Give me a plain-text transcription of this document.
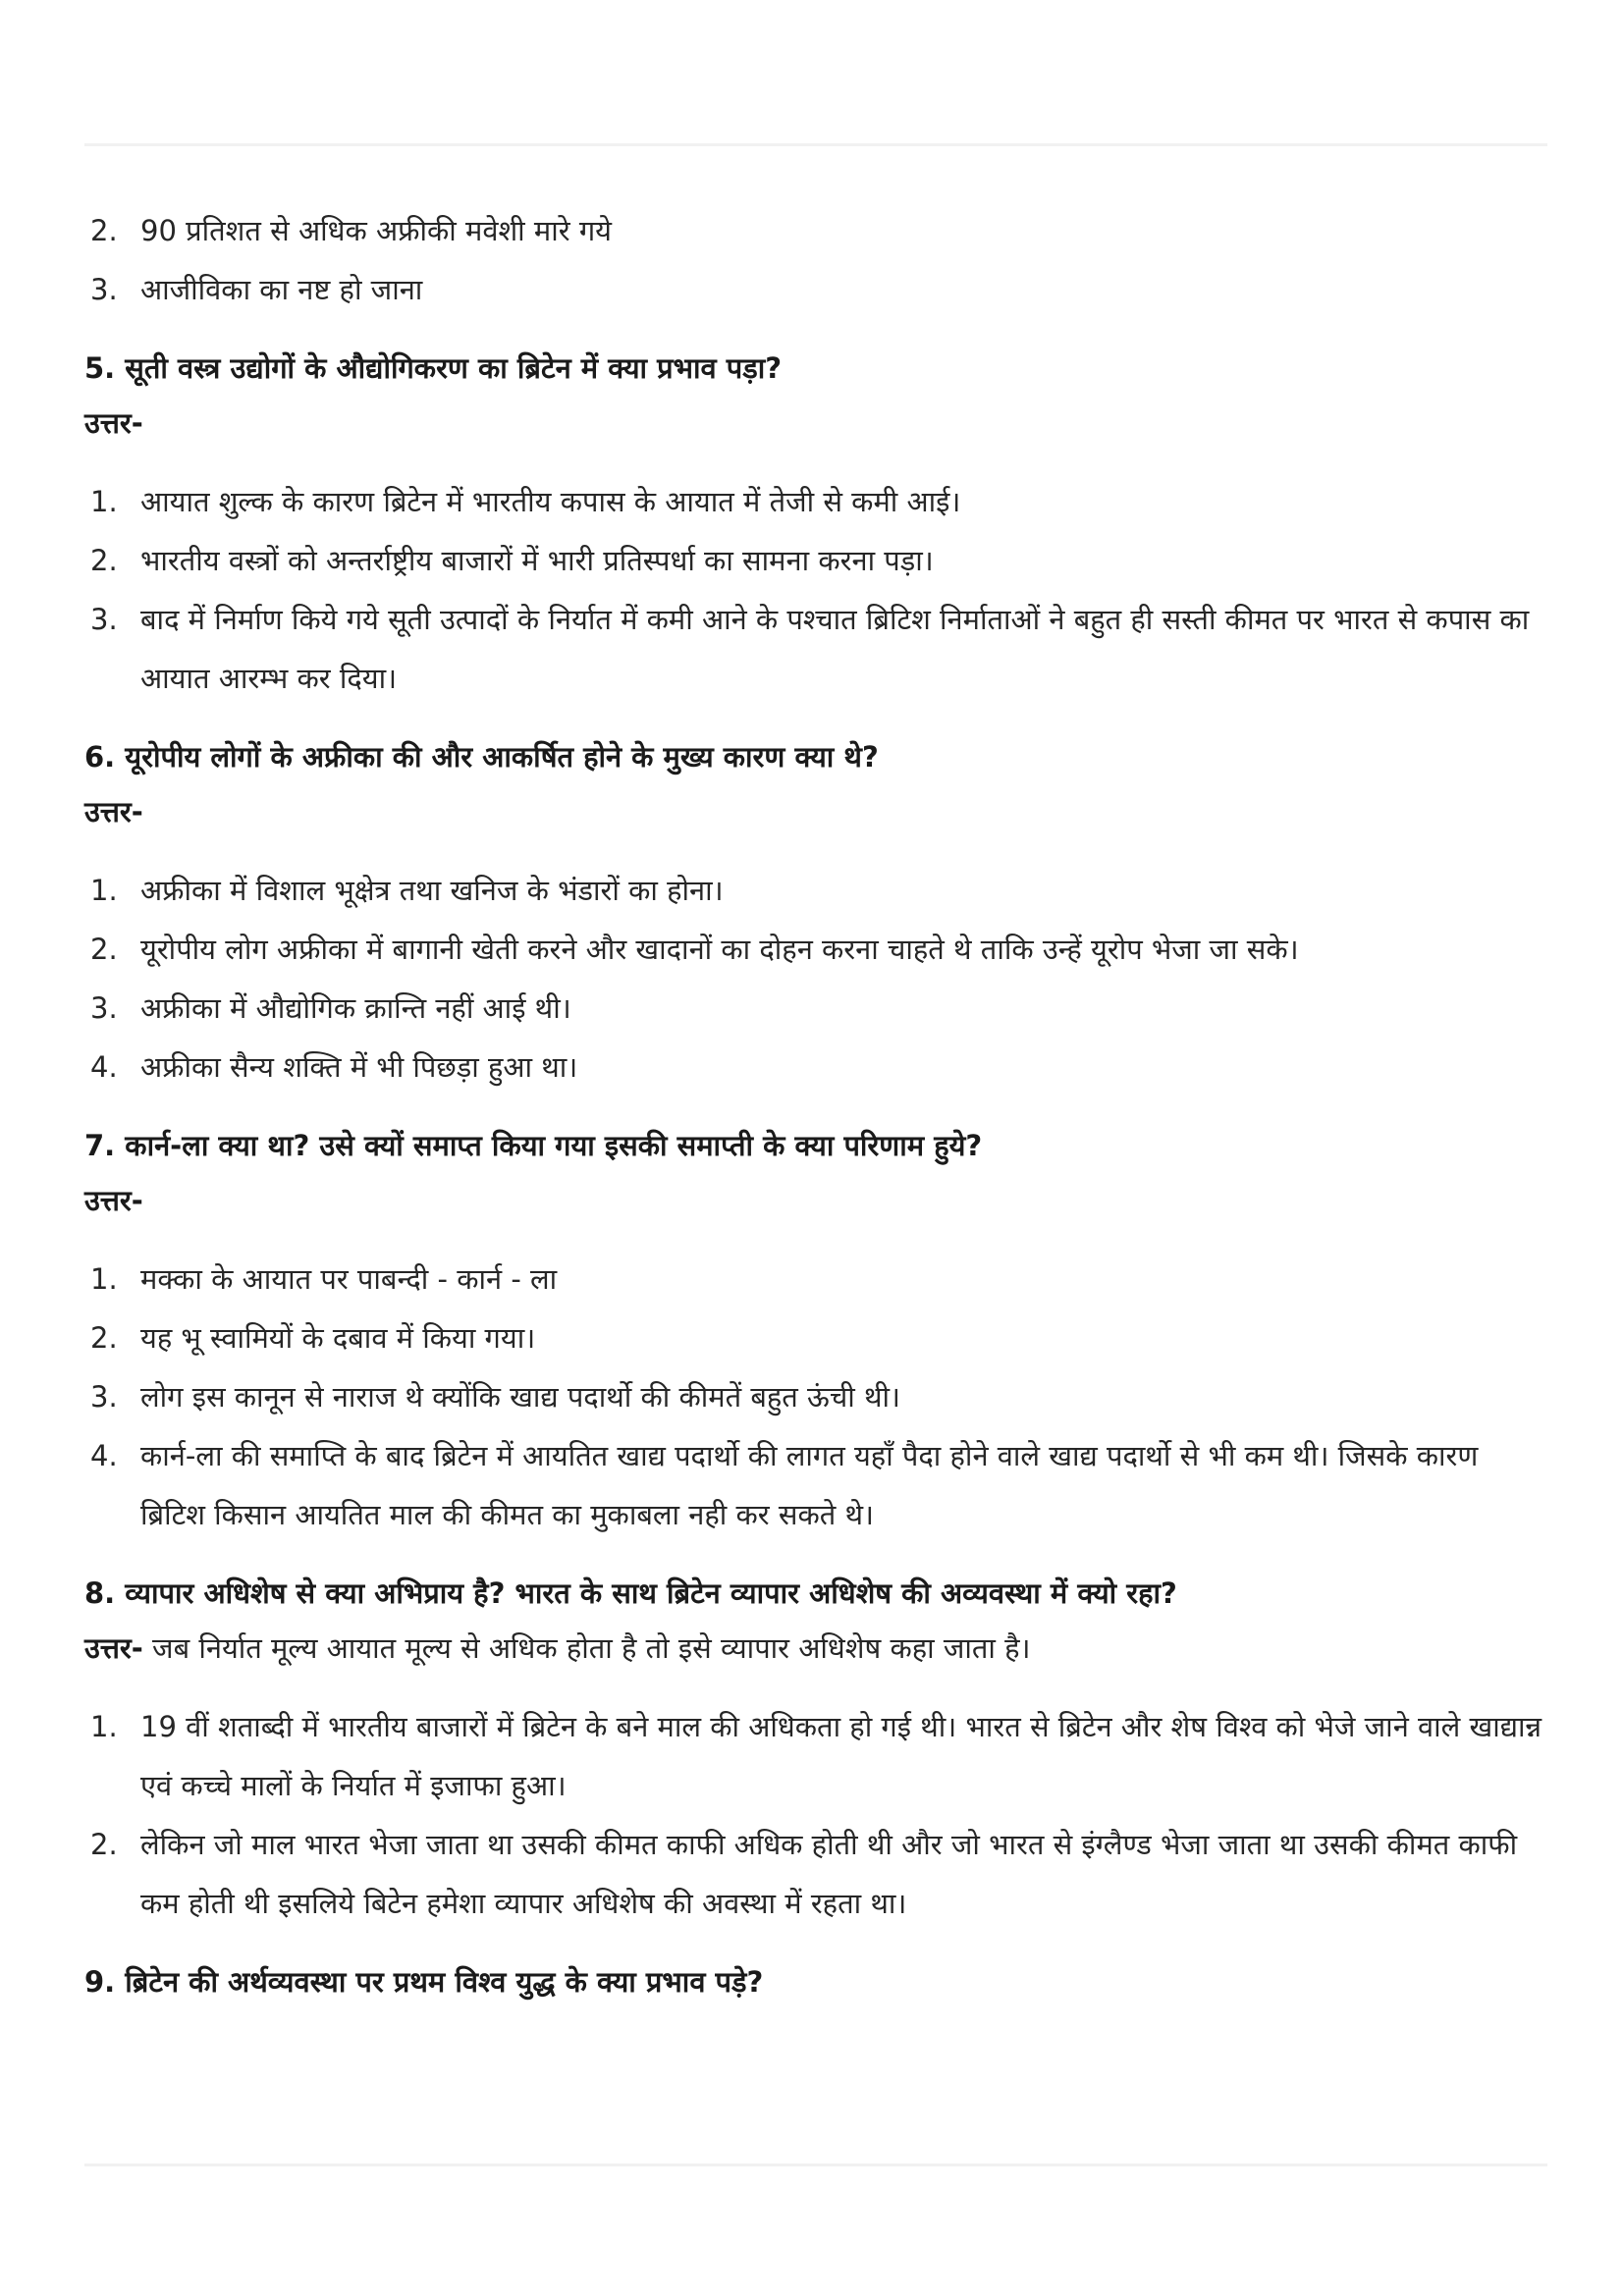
2. 90 प्रतिशत से अधिक अफ्रीकी मवेशी मारे गये
3. आजीविका का नष्ट हो जाना
5. सूती वस्त्र उद्योगों के औद्योगिकरण का ब्रिटेन में क्या प्रभाव पड़ा?
उत्तर-
1. आयात शुल्क के कारण ब्रिटेन में भारतीय कपास के आयात में तेजी से कमी आई।
2. भारतीय वस्त्रों को अन्तर्राष्ट्रीय बाजारों में भारी प्रतिस्पर्धा का सामना करना पड़ा।
3. बाद में निर्माण किये गये सूती उत्पादों के निर्यात में कमी आने के पश्चात ब्रिटिश निर्माताओं ने बहुत ही सस्ती कीमत पर भारत से कपास का आयात आरम्भ कर दिया।
6. यूरोपीय लोगों के अफ्रीका की और आकर्षित होने के मुख्य कारण क्या थे?
उत्तर-
1. अफ्रीका में विशाल भूक्षेत्र तथा खनिज के भंडारों का होना।
2. यूरोपीय लोग अफ्रीका में बागानी खेती करने और खादानों का दोहन करना चाहते थे ताकि उन्हें यूरोप भेजा जा सके।
3. अफ्रीका में औद्योगिक क्रान्ति नहीं आई थी।
4. अफ्रीका सैन्य शक्ति में भी पिछड़ा हुआ था।
7. कार्न-ला क्या था? उसे क्यों समाप्त किया गया इसकी समाप्ती के क्या परिणाम हुये?
उत्तर-
1. मक्का के आयात पर पाबन्दी - कार्न - ला
2. यह भू स्वामियों के दबाव में किया गया।
3. लोग इस कानून से नाराज थे क्योंकि खाद्य पदार्थो की कीमतें बहुत ऊंची थी।
4. कार्न-ला की समाप्ति के बाद ब्रिटेन में आयतित खाद्य पदार्थो की लागत यहाँ पैदा होने वाले खाद्य पदार्थो से भी कम थी। जिसके कारण ब्रिटिश किसान आयतित माल की कीमत का मुकाबला नही कर सकते थे।
8. व्यापार अधिशेष से क्या अभिप्राय है? भारत के साथ ब्रिटेन व्यापार अधिशेष की अव्यवस्था में क्यो रहा?
उत्तर- जब निर्यात मूल्य आयात मूल्य से अधिक होता है तो इसे व्यापार अधिशेष कहा जाता है।
1. 19 वीं शताब्दी में भारतीय बाजारों में ब्रिटेन के बने माल की अधिकता हो गई थी। भारत से ब्रिटेन और शेष विश्व को भेजे जाने वाले खाद्यान्न एवं कच्चे मालों के निर्यात में इजाफा हुआ।
2. लेकिन जो माल भारत भेजा जाता था उसकी कीमत काफी अधिक होती थी और जो भारत से इंग्लैण्ड भेजा जाता था उसकी कीमत काफी कम होती थी इसलिये बिटेेन हमेशा व्यापार अधिशेष की अवस्था में रहता था।
9. ब्रिटेन की अर्थव्यवस्था पर प्रथम विश्व युद्ध के क्या प्रभाव पड़े?
